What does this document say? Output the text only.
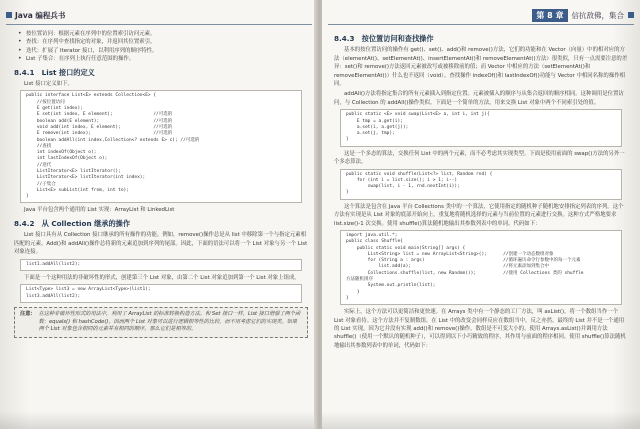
Java 编程兵书
• 按位置访问：根据元素在序列中的位置索引访问元素。
• 查找：在序列中查找指定的对象，并返回其位置索引。
• 迭代：扩展了 Iterator 接口，以利用序列的顺序特性。
• List 子集合：在序列上执行任意范围的操作。
8.4.1　List 接口的定义

List 接口定义如下。

public interface List<E> extends Collection<E> {
//按位置访问
E get(int index);
E set(int index, E element);               //可选的
boolean add(E element);                    //可选的
void add(int index, E element);            //可选的
E remove(int index);                       //可选的
boolean addAll(int index,Collection<? extends E> c); //可选的
//查找
int indexOf(Object o);
int lastIndexOf(Object o);
//迭代
ListIterator<E> listIterator();
ListIterator<E> listIterator(int index);
//子集合
List<E> subList(int from, int to);
}

Java 平台包含两个通用的 List 实现：ArrayList 和 LinkedList

8.4.2　从 Collection 继承的操作

List 接口具有从 Collection 接口继承的所有操作的功能。例如，remove()操作总是从 list 中移除第一个与指定元素相匹配的元素。Add()和 addAll()操作总将新的元素追加到序列的尾部。因此，下面的语法可以将一个 List 对象与另一个 List 对象连接。

list1.addAll(list2);

下面是一个这种用法的非破坏性的形式，创建第三个 List 对象，由第二个 List 对象追加到第一个 List 对象上组成。

List<Type> list3 = new ArrayList<Type>(list1);
list3.addAll(list2);
注意： 在这种非破坏性形式的用法中，利用了 ArrayList 的标准转换构造方法。和 Set 接口一样，List 接口增强了两个函数：equals() 和 hashCode()，因而两个 List 对象可以进行逻辑相等性的比较，而不用考虑它们的实现类。如果两个 List 对象包含相同的元素并有相同的顺序，那么它们是相等的。
第 8 章	信抗敌佛，集合
8.4.3　按位置访问和查找操作

基本的按位置访问的操作有 get()、set()、add()和 remove()方法，它们的功能和在 Vector（向量）中的相对应的方法（elementAt()、setElementAt()、insertElementAt()和 removeElementAt()方法）很类似，只有一点需要注意的差异：set()和 remove()方法返回元素被改写或被移除前的值；而 Vector 中相应的方法（setElementAt()和 removeElementAt()）什么也不返回（void）。查找操作 indexOf()和 lastIndexOf()功能与 Vector 中相同名称的操作相同。

addAll()方法将指定集合的所有元素插入到指定位置。元素被插入的顺序与从集合返回的顺序相同。这种调用是位置访问，与 Collection 的 addAll()操作类似。下面是一个简单的方法，用来交换 List 对象中两个不同索引处的值。

public static <E> void swap(List<E> a, int i, int j){
E tmp = a.get(i);
a.set(i, a.get(j));
a.set(j, tmp);
}

这是一个多态的算法，交换任何 List 中的两个元素，而不必考虑其实现类型。下面是使用前面的 swap()方法的另外一个多态算法。

public static void shuffle(List<?> list, Random rnd) {
for (int i = list.size(); i > 1; i--)
swap(list, i - 1, rnd.nextInt(i));
}

这个算法是包含在 Java 平台 Collections 类中的一个算法，它使用指定的随机种子随机地安排指定列表的序列。这个方法有实现是从 List 对象的底部开始向上，重复地将随机选择的元素与当前位置的元素进行交换。这种方式严格地要求 list.size()-1 次交换。使用 shuffle()算法随机地输出其参数列表中的单词。代码如下：

import java.util.*;
public class Shuffle{
public static void main(String[] args) {
List<String> list = new ArrayList<String>();      //创建一个动态数组对象
for (String a : args)                             //循环遍历命令行参数中的每一个元素
list.add(a);                                  //将元素添加到集合中
Collections.shuffle(list, new Random());          //使用 Collections 类的 shuffle
方法随机排序
System.out.println(list);
}
}

实际上，这个方法可以更简洁和更快速。在 Arrays 类中有一个静态的工厂方法，叫 asList()，将一个数组当作一个 List 对象看待。这个方法并不复制数组。在 List 中的改变会同样反应在数组当中，反之亦然。最终的 List 并不是一个通用的 List 实现，因为它并没有实现 add()和 remove()操作，数组是不可变大小的。使用 Arrays.asList()并调用方法 shuffle()（使用一个默认的随机种子），可以得到以下小巧精致的程序，其作用与前面的程序相同。使用 shuffle()算法随机地输出其参数列表中的单词，代码如下：
